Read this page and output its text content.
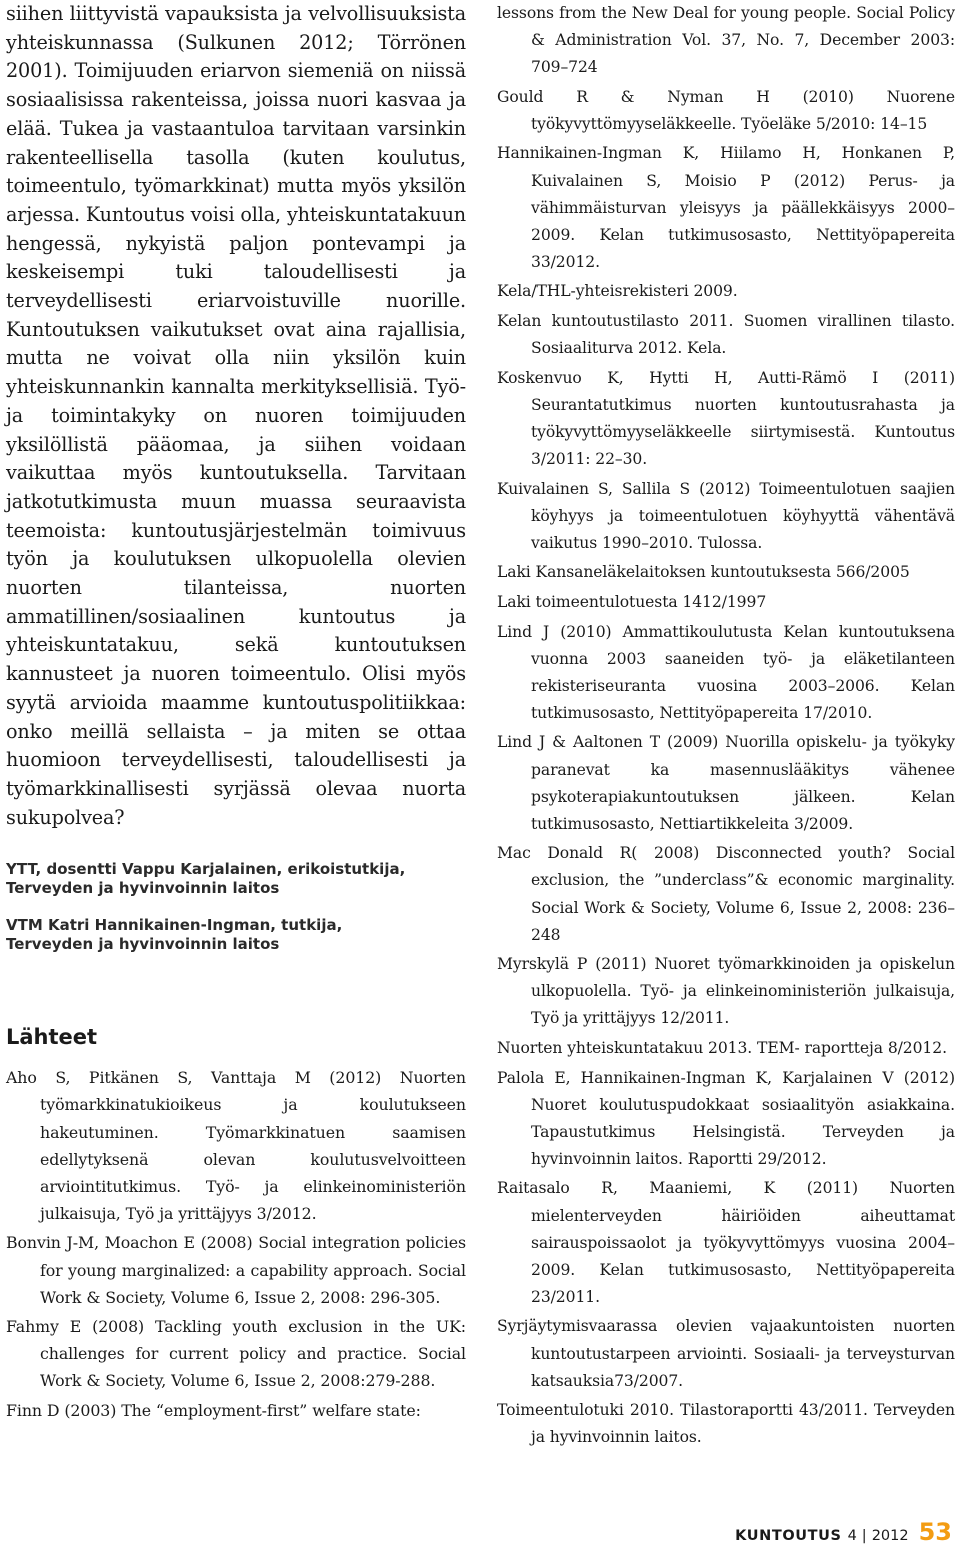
siihen liittyvistä vapauksista ja velvollisuuksista yhteiskunnassa (Sulkunen 2012; Törrönen 2001). Toimijuuden eriarvon siemeniä on niissä sosiaalisissa rakenteissa, joissa nuori kasvaa ja elää. Tukea ja vastaantuloa tarvitaan varsinkin rakenteellisella tasolla (kuten koulutus, toimeentulo, työmarkkinat) mutta myös yksilön arjessa. Kuntoutus voisi olla, yhteiskuntatakuun hengessä, nykyistä paljon pontevampi ja keskeisempi tuki taloudellisesti ja terveydellisesti eriarvoistuville nuorille. Kuntoutuksen vaikutukset ovat aina rajallisia, mutta ne voivat olla niin yksilön kuin yhteiskunnankin kannalta merkityksellisiä. Työ- ja toimintakyky on nuoren toimijuuden yksilöllistä pääomaa, ja siihen voidaan vaikuttaa myös kuntoutuksella. Tarvitaan jatkotutkimusta muun muassa seuraavista teemoista: kuntoutusjärjestelmän toimivuus työn ja koulutuksen ulkopuolella olevien nuorten tilanteissa, nuorten ammatillinen/sosiaalinen kuntoutus ja yhteiskuntatakuu, sekä kuntoutuksen kannusteet ja nuoren toimeentulo. Olisi myös syytä arvioida maamme kuntoutuspolitiikkaa: onko meillä sellaista – ja miten se ottaa huomioon terveydellisesti, taloudellisesti ja työmarkkinallisesti syrjässä olevaa nuorta sukupolvea?

YTT, dosentti Vappu Karjalainen, erikoistutkija,
Terveyden ja hyvinvoinnin laitos
VTM Katri Hannikainen-Ingman, tutkija,
Terveyden ja hyvinvoinnin laitos
Lähteet

Aho S, Pitkänen S, Vanttaja M (2012) Nuorten työmarkkinatukioikeus ja koulutukseen hakeutuminen. Työmarkkinatuen saamisen edellytyksenä olevan koulutusvelvoitteen arviointitutkimus. Työ- ja elinkeinoministeriön julkaisuja, Työ ja yrittäjyys 3/2012.

Bonvin J-M, Moachon E (2008) Social integration policies for young marginalized: a capability approach. Social Work & Society, Volume 6, Issue 2, 2008: 296-305.

Fahmy E (2008) Tackling youth exclusion in the UK: challenges for current policy and practice. Social Work & Society, Volume 6, Issue 2, 2008:279-288.

Finn D (2003) The “employment-first” welfare state:

lessons from the New Deal for young people. Social Policy & Administration Vol. 37, No. 7, December 2003: 709–724

Gould R & Nyman H (2010) Nuorene työkyvyttömyyseläkkeelle. Työeläke 5/2010: 14–15

Hannikainen-Ingman K, Hiilamo H, Honkanen P, Kuivalainen S, Moisio P (2012) Perus- ja vähimmäisturvan yleisyys ja päällekkäisyys 2000–2009. Kelan tutkimusosasto, Nettityöpapereita 33/2012.

Kela/THL-yhteisrekisteri 2009.

Kelan kuntoutustilasto 2011. Suomen virallinen tilasto. Sosiaaliturva 2012. Kela.

Koskenvuo K, Hytti H, Autti-Rämö I (2011) Seurantatutkimus nuorten kuntoutusrahasta ja työkyvyttömyyseläkkeelle siirtymisestä. Kuntoutus 3/2011: 22–30.

Kuivalainen S, Sallila S (2012) Toimeentulotuen saajien köyhyys ja toimeentulotuen köyhyyttä vähentävä vaikutus 1990–2010. Tulossa.

Laki Kansaneläkelaitoksen kuntoutuksesta 566/2005

Laki toimeentulotuesta 1412/1997

Lind J (2010) Ammattikoulutusta Kelan kuntoutuksena vuonna 2003 saaneiden työ- ja eläketilanteen rekisteriseuranta vuosina 2003–2006. Kelan tutkimusosasto, Nettityöpapereita 17/2010.

Lind J & Aaltonen T (2009) Nuorilla opiskelu- ja työkyky paranevat ka masennuslääkitys vähenee psykoterapiakuntoutuksen jälkeen. Kelan tutkimusosasto, Nettiartikkeleita 3/2009.

Mac Donald R( 2008) Disconnected youth? Social exclusion, the ”underclass”& economic marginality. Social Work & Society, Volume 6, Issue 2, 2008: 236–248

Myrskylä P (2011) Nuoret työmarkkinoiden ja opiskelun ulkopuolella. Työ- ja elinkeinoministeriön julkaisuja, Työ ja yrittäjyys 12/2011.

Nuorten yhteiskuntatakuu 2013. TEM- raportteja 8/2012.

Palola E, Hannikainen-Ingman K, Karjalainen V (2012) Nuoret koulutuspudokkaat sosiaalityön asiakkaina. Tapaustutkimus Helsingistä. Terveyden ja hyvinvoinnin laitos. Raportti 29/2012.

Raitasalo R, Maaniemi, K (2011) Nuorten mielenterveyden häiriöiden aiheuttamat sairauspoissaolot ja työkyvyttömyys vuosina 2004–2009. Kelan tutkimusosasto, Nettityöpapereita 23/2011.

Syrjäytymisvaarassa olevien vajaakuntoisten nuorten kuntoutustarpeen arviointi. Sosiaali- ja terveysturvan katsauksia73/2007.

Toimeentulotuki 2010. Tilastoraportti 43/2011. Terveyden ja hyvinvoinnin laitos.

KUNTOUTUS 4 | 2012 53
